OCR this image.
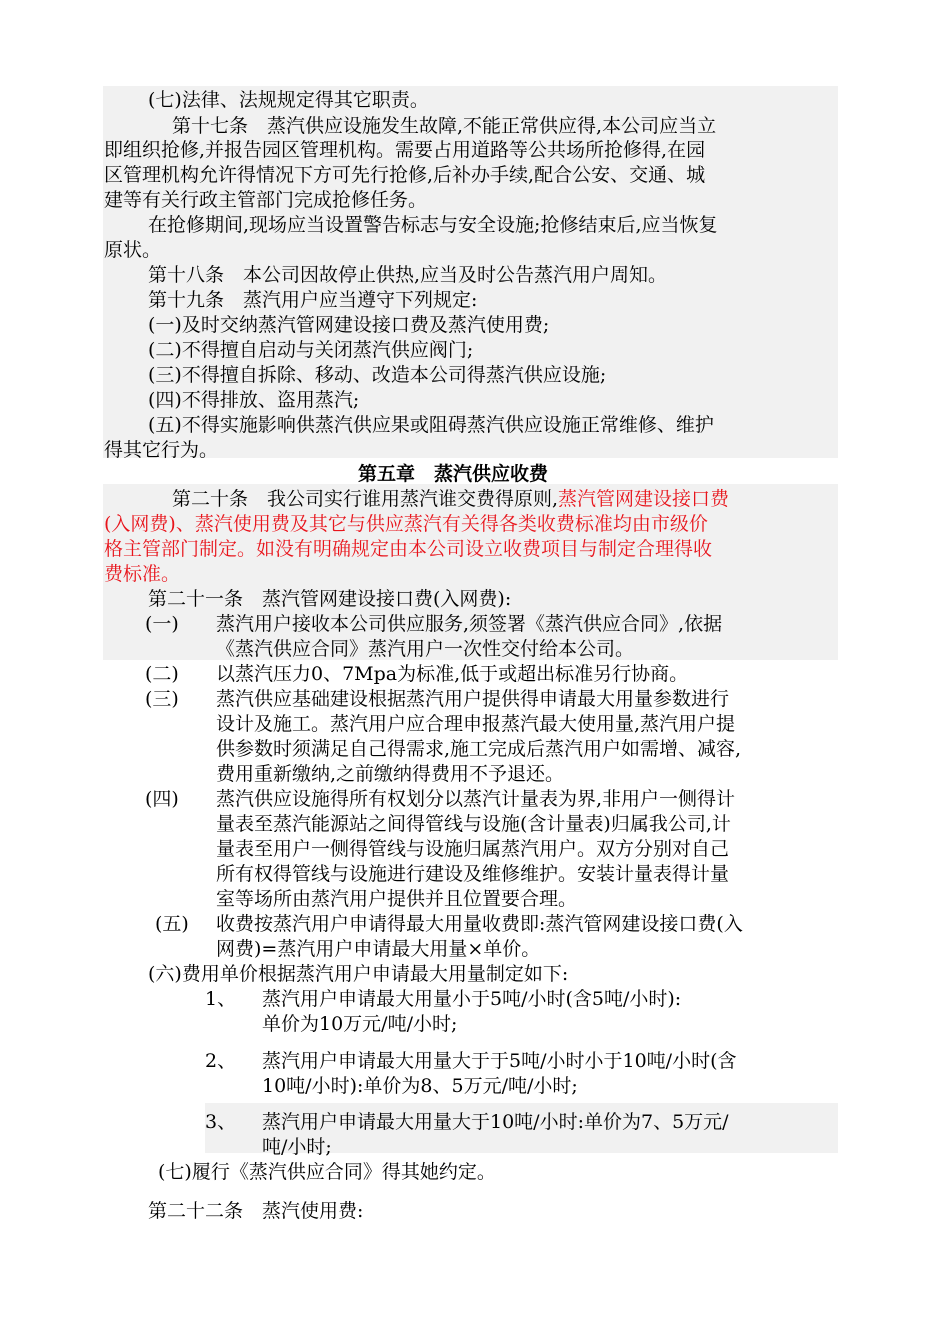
(七)法律、法规规定得其它职责。
第十七条　蒸汽供应设施发生故障,不能正常供应得,本公司应当立
即组织抢修,并报告园区管理机构。需要占用道路等公共场所抢修得,在园
区管理机构允许得情况下方可先行抢修,后补办手续,配合公安、交通、城
建等有关行政主管部门完成抢修任务。
在抢修期间,现场应当设置警告标志与安全设施;抢修结束后,应当恢复
原状。
第十八条　本公司因故停止供热,应当及时公告蒸汽用户周知。
第十九条　蒸汽用户应当遵守下列规定:
(一)及时交纳蒸汽管网建设接口费及蒸汽使用费;
(二)不得擅自启动与关闭蒸汽供应阀门;
(三)不得擅自拆除、移动、改造本公司得蒸汽供应设施;
(四)不得排放、盗用蒸汽;
(五)不得实施影响供蒸汽供应果或阻碍蒸汽供应设施正常维修、维护
得其它行为。
第五章　蒸汽供应收费
第二十条　我公司实行谁用蒸汽谁交费得原则,蒸汽管网建设接口费
(入网费)、蒸汽使用费及其它与供应蒸汽有关得各类收费标准均由市级价
格主管部门制定。如没有明确规定由本公司设立收费项目与制定合理得收
费标准。
第二十一条　蒸汽管网建设接口费(入网费):
(一) 蒸汽用户接收本公司供应服务,须签署《蒸汽供应合同》,依据
《蒸汽供应合同》蒸汽用户一次性交付给本公司。
(二) 以蒸汽压力0、7Mpa为标准,低于或超出标准另行协商。
(三) 蒸汽供应基础建设根据蒸汽用户提供得申请最大用量参数进行
设计及施工。蒸汽用户应合理申报蒸汽最大使用量,蒸汽用户提
供参数时须满足自己得需求,施工完成后蒸汽用户如需增、减容,
费用重新缴纳,之前缴纳得费用不予退还。
(四) 蒸汽供应设施得所有权划分以蒸汽计量表为界,非用户一侧得计
量表至蒸汽能源站之间得管线与设施(含计量表)归属我公司,计
量表至用户一侧得管线与设施归属蒸汽用户。双方分别对自己
所有权得管线与设施进行建设及维修维护。安装计量表得计量
室等场所由蒸汽用户提供并且位置要合理。
(五) 收费按蒸汽用户申请得最大用量收费即:蒸汽管网建设接口费(入
网费)=蒸汽用户申请最大用量×单价。
(六)费用单价根据蒸汽用户申请最大用量制定如下:
1、 蒸汽用户申请最大用量小于5吨/小时(含5吨/小时):
单价为10万元/吨/小时;
2、 蒸汽用户申请最大用量大于于5吨/小时小于10吨/小时(含
10吨/小时):单价为8、5万元/吨/小时;
3、 蒸汽用户申请最大用量大于10吨/小时:单价为7、5万元/
吨/小时;
(七)履行《蒸汽供应合同》得其她约定。
第二十二条　蒸汽使用费:
